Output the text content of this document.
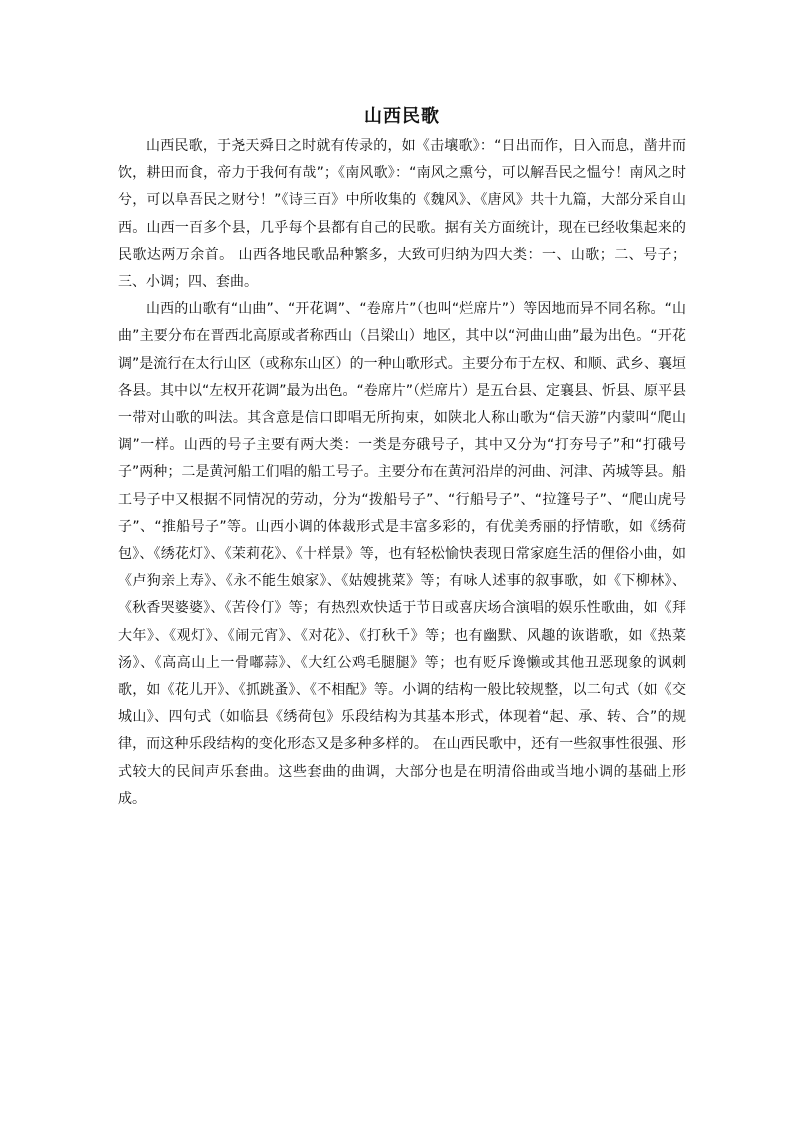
山西民歌

山西民歌，于尧天舜日之时就有传录的，如《击壤歌》：“日出而作，日入而息，凿井而饮，耕田而食，帝力于我何有哉”；《南风歌》：“南风之熏兮，可以解吾民之愠兮！南风之时兮，可以阜吾民之财兮！”《诗三百》中所收集的《魏风》、《唐风》共十九篇，大部分采自山西。山西一百多个县，几乎每个县都有自己的民歌。据有关方面统计，现在已经收集起来的民歌达两万余首。 山西各地民歌品种繁多，大致可归纳为四大类：一、山歌；二、号子；三、小调；四、套曲。

山西的山歌有“山曲”、“开花调”、“卷席片”（也叫“烂席片”）等因地而异不同名称。“山曲”主要分布在晋西北高原或者称西山（吕梁山）地区，其中以“河曲山曲”最为出色。“开花调”是流行在太行山区（或称东山区）的一种山歌形式。主要分布于左权、和顺、武乡、襄垣各县。其中以“左权开花调”最为出色。“卷席片”（烂席片）是五台县、定襄县、忻县、原平县一带对山歌的叫法。其含意是信口即唱无所拘束，如陕北人称山歌为“信天游”内蒙叫“爬山调”一样。山西的号子主要有两大类：一类是夯硪号子，其中又分为“打夯号子”和“打硪号子”两种；二是黄河船工们唱的船工号子。主要分布在黄河沿岸的河曲、河津、芮城等县。船工号子中又根据不同情况的劳动，分为“拨船号子”、“行船号子”、“拉篷号子”、“爬山虎号子”、“推船号子”等。山西小调的体裁形式是丰富多彩的，有优美秀丽的抒情歌，如《绣荷包》、《绣花灯》、《茉莉花》、《十样景》等，也有轻松愉快表现日常家庭生活的俚俗小曲，如《卢狗亲上寿》、《永不能生娘家》、《姑嫂挑菜》等；有咏人述事的叙事歌，如《下柳林》、《秋香哭婆婆》、《苦伶仃》等；有热烈欢快适于节日或喜庆场合演唱的娱乐性歌曲，如《拜大年》、《观灯》、《闹元宵》、《对花》、《打秋千》等；也有幽默、风趣的诙谐歌，如《热菜汤》、《高高山上一骨嘟蒜》、《大红公鸡毛腿腿》等；也有贬斥谗懒或其他丑恶现象的讽刺歌，如《花儿开》、《抓跳蚤》、《不相配》等。小调的结构一般比较规整，以二句式（如《交城山》、四句式（如临县《绣荷包》乐段结构为其基本形式，体现着“起、承、转、合”的规律，而这种乐段结构的变化形态又是多种多样的。 在山西民歌中，还有一些叙事性很强、形式较大的民间声乐套曲。这些套曲的曲调，大部分也是在明清俗曲或当地小调的基础上形成。
